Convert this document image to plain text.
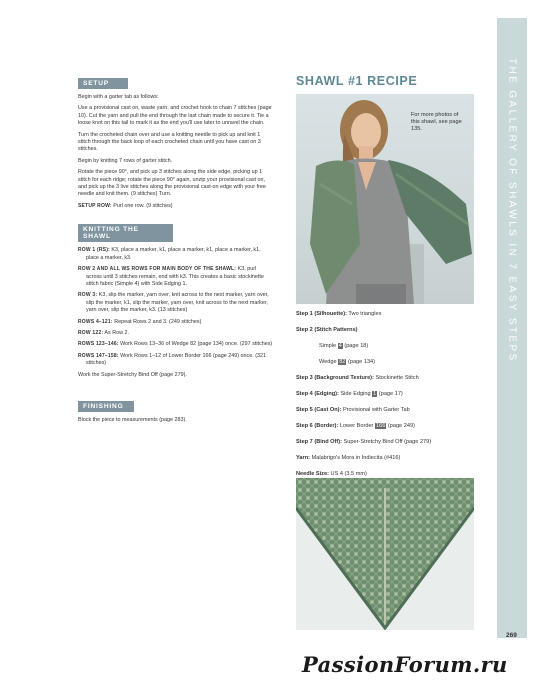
SETUP

Begin with a garter tab as follows:

Use a provisional cast on, waste yarn, and crochet hook to chain 7 stitches (page 10). Cut the yarn and pull the end through the last chain made to secure it. Tie a loose knot on this tail to mark it as the end you'll use later to unravel the chain.

Turn the crocheted chain over and use a knitting needle to pick up and knit 1 stitch through the back loop of each crocheted chain until you have cast on 3 stitches.

Begin by knitting 7 rows of garter stitch.

Rotate the piece 90°, and pick up 3 stitches along the side edge, picking up 1 stitch for each ridge; rotate the piece 90° again, unzip your provisional cast on, and pick up the 3 live stitches along the provisional cast-on edge with your free needle and knit them. (9 stitches) Turn.

SETUP ROW: Purl one row. (9 stitches)

KNITTING THE SHAWL

ROW 1 (RS): K3, place a marker, k1, place a marker, k1, place a marker, k1, place a marker, k3.

ROW 2 AND ALL WS ROWS FOR MAIN BODY OF THE SHAWL: K3, purl across until 3 stitches remain, end with k3. This creates a basic stockinette stitch fabric (Simple 4) with Side Edging 1.

ROW 3: K3, slip the marker, yarn over, knit across to the next marker, yarn over, slip the marker, k1, slip the marker, yarn over, knit across to the next marker, yarn over, slip the marker, k3. (13 stitches)

ROWS 4–121: Repeat Rows 2 and 3. (249 stitches)

ROW 122: As Row 2.

ROWS 123–146: Work Rows 13–36 of Wedge 82 (page 134) once. (297 stitches)

ROWS 147–158: Work Rows 1–12 of Lower Border 166 (page 249) once. (321 stitches)

Work the Super-Stretchy Bind Off (page 279).

FINISHING

Block the piece to measurements (page 283).

SHAWL #1 RECIPE
For more photos of this shawl, see page 135.
Step 1 (Silhouette): Two triangles
Step 2 (Stitch Patterns)
Simple 4 (page 18)
Wedge 82 (page 134)
Step 3 (Background Texture): Stockinette Stitch
Step 4 (Edging): Side Edging 1 (page 17)
Step 5 (Cast On): Provisional with Garter Tab
Step 6 (Border): Lower Border 166 (page 249)
Step 7 (Bind Off): Super-Stretchy Bind Off (page 279)
Yarn: Malabrigo's Mora in Indiecita (#416)
Needle Size: US 4 (3.5 mm)
THE GALLERY OF SHAWLS IN 7 EASY STEPS
269
PassionForum.ru
